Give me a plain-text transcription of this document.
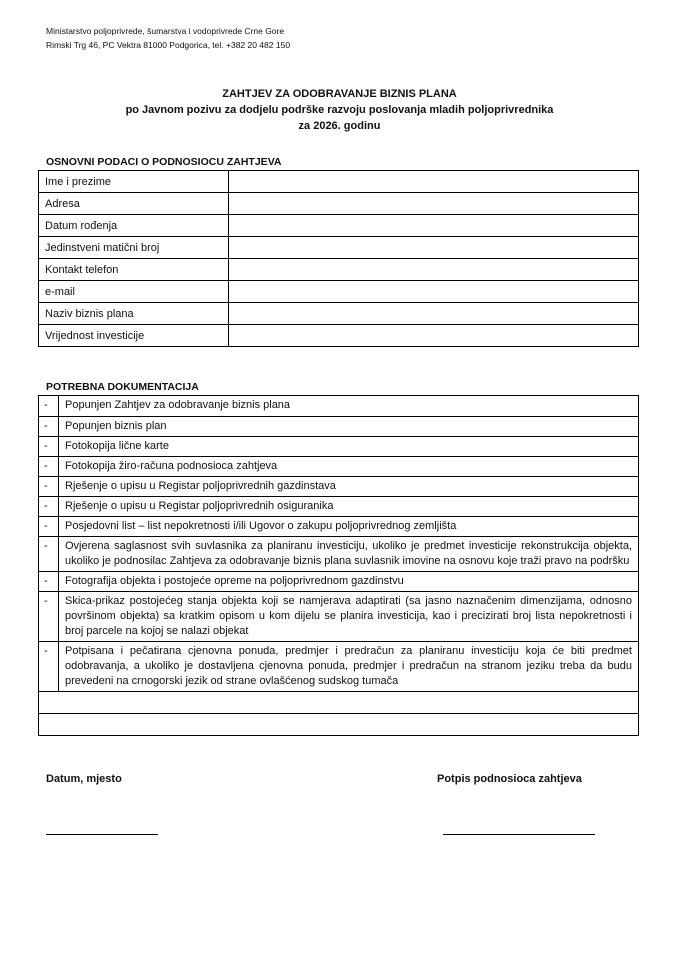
Ministarstvo poljoprivrede, šumarstva i vodoprivrede Crne Gore
Rimski Trg 46, PC Vektra 81000 Podgorica, tel. +382 20 482 150
ZAHTJEV ZA ODOBRAVANJE BIZNIS PLANA
po Javnom pozivu za dodjelu podrške razvoju poslovanja mladih poljoprivrednika
za 2026. godinu
OSNOVNI PODACI O PODNOSIOCU ZAHTJEVA
Ime i prezime	
Adresa	
Datum rođenja	
Jedinstveni matični broj	
Kontakt telefon	
e-mail	
Naziv biznis plana	
Vrijednost investicije	
POTREBNA DOKUMENTACIJA
-	Popunjen Zahtjev za odobravanje biznis plana
-	Popunjen biznis plan
-	Fotokopija lične karte
-	Fotokopija žiro-računa podnosioca zahtjeva
-	Rješenje o upisu u Registar poljoprivrednih gazdinstava
-	Rješenje o upisu u Registar poljoprivrednih osiguranika
-	Posjedovni list – list nepokretnosti i/ili Ugovor o zakupu poljoprivrednog zemljišta
-	Ovjerena saglasnost svih suvlasnika za planiranu investiciju, ukoliko je predmet investicije rekonstrukcija objekta, ukoliko je podnosilac Zahtjeva za odobravanje biznis plana suvlasnik imovine na osnovu koje traži pravo na podršku
-	Fotografija objekta i postojeće opreme na poljoprivrednom gazdinstvu
-	Skica-prikaz postojećeg stanja objekta koji se namjerava adaptirati (sa jasno naznačenim dimenzijama, odnosno površinom objekta) sa kratkim opisom u kom dijelu se planira investicija, kao i precizirati broj lista nepokretnosti i broj parcele na kojoj se nalazi objekat
-	Potpisana i pečatirana cjenovna ponuda, predmjer i predračun za planiranu investiciju koja će biti predmet odobravanja, a ukoliko je dostavljena cjenovna ponuda, predmjer i predračun na stranom jeziku treba da budu prevedeni na crnogorski jezik od strane ovlašćenog sudskog tumača

Datum, mjesto	Potpis podnosioca zahtjeva
